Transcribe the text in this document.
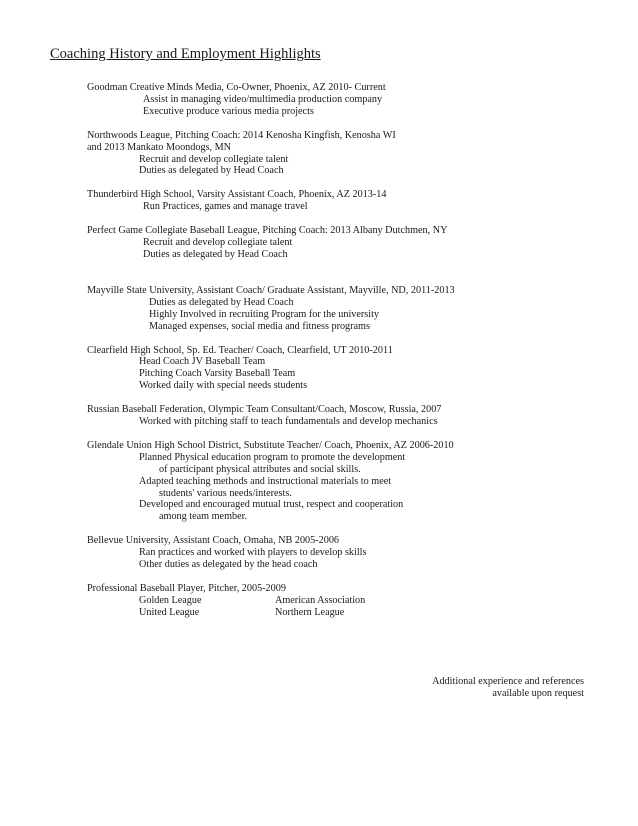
Coaching History and Employment Highlights
Goodman Creative Minds Media, Co-Owner, Phoenix, AZ 2010- Current
Assist in managing video/multimedia production company
Executive produce various media projects
Northwoods League, Pitching Coach: 2014 Kenosha Kingfish, Kenosha WI
and 2013 Mankato Moondogs, MN
Recruit and develop collegiate talent
Duties as delegated by Head Coach
Thunderbird High School, Varsity Assistant Coach, Phoenix, AZ 2013-14
Run Practices, games and manage travel
Perfect Game Collegiate Baseball League, Pitching Coach: 2013 Albany Dutchmen, NY
Recruit and develop collegiate talent
Duties as delegated by Head Coach
Mayville State University, Assistant Coach/ Graduate Assistant, Mayville, ND, 2011-2013
Duties as delegated by Head Coach
Highly Involved in recruiting Program for the university
Managed expenses, social media and fitness programs
Clearfield High School, Sp. Ed. Teacher/ Coach, Clearfield, UT 2010-2011
Head Coach JV Baseball Team
Pitching Coach Varsity Baseball Team
Worked daily with special needs students
Russian Baseball Federation, Olympic Team Consultant/Coach, Moscow, Russia, 2007
Worked with pitching staff to teach fundamentals and develop mechanics
Glendale Union High School District, Substitute Teacher/ Coach, Phoenix, AZ 2006-2010
Planned Physical education program to promote the development
of participant physical attributes and social skills.
Adapted teaching methods and instructional materials to meet
students' various needs/interests.
Developed and encouraged mutual trust, respect and cooperation
among team member.
Bellevue University, Assistant Coach, Omaha, NB 2005-2006
Ran practices and worked with players to develop skills
Other duties as delegated by the head coach
Professional Baseball Player, Pitcher, 2005-2009
Golden League	American Association
United League	Northern League
Additional experience and references
available upon request
